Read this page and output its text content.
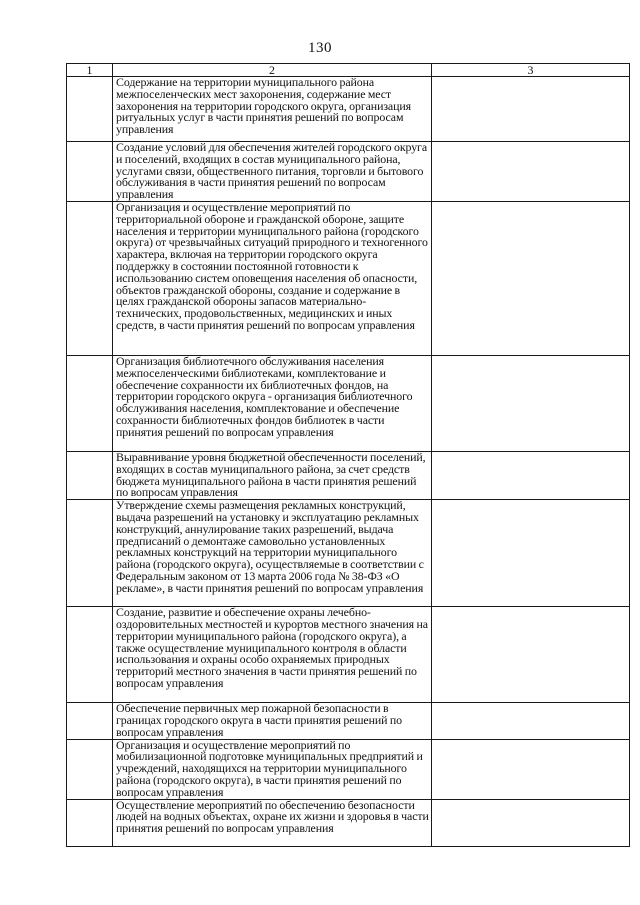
130
1	2	3
	Содержание на территории муниципального района межпоселенческих мест захоронения, содержание мест захоронения на территории городского округа, организация ритуальных услуг в части принятия решений по вопросам управления	
	Создание условий для обеспечения жителей городского округа и поселений, входящих в состав муниципального района, услугами связи, общественного питания, торговли и бытового обслуживания в части принятия решений по вопросам управления	
	Организация и осуществление мероприятий по территориальной обороне и гражданской обороне, защите населения и территории муниципального района (городского округа) от чрезвычайных ситуаций природного и техногенного характера, включая на территории городского округа поддержку в состоянии постоянной готовности к использованию систем оповещения населения об опасности, объектов гражданской обороны, создание и содержание в целях гражданской обороны запасов материально-технических, продовольственных, медицинских и иных средств, в части принятия решений по вопросам управления	
	Организация библиотечного обслуживания населения межпоселенческими библиотеками, комплектование и обеспечение сохранности их библиотечных фондов, на территории городского округа - организация библиотечного обслуживания населения, комплектование и обеспечение сохранности библиотечных фондов библиотек в части принятия решений по вопросам управления	
	Выравнивание уровня бюджетной обеспеченности поселений, входящих в состав муниципального района, за счет средств бюджета муниципального района в части принятия решений по вопросам управления	
	Утверждение схемы размещения рекламных конструкций, выдача разрешений на установку и эксплуатацию рекламных конструкций, аннулирование таких разрешений, выдача предписаний о демонтаже самовольно установленных рекламных конструкций на территории муниципального района (городского округа), осуществляемые в соответствии с Федеральным законом от 13 марта 2006 года № 38-ФЗ «О рекламе», в части принятия решений по вопросам управления	
	Создание, развитие и обеспечение охраны лечебно-оздоровительных местностей и курортов местного значения на территории муниципального района (городского округа), а также осуществление муниципального контроля в области использования и охраны особо охраняемых природных территорий местного значения в части принятия решений по вопросам управления	
	Обеспечение первичных мер пожарной безопасности в границах городского округа в части принятия решений по вопросам управления	
	Организация и осуществление мероприятий по мобилизационной подготовке муниципальных предприятий и учреждений, находящихся на территории муниципального района (городского округа), в части принятия решений по вопросам управления	
	Осуществление мероприятий по обеспечению безопасности людей на водных объектах, охране их жизни и здоровья в части принятия решений по вопросам управления	
